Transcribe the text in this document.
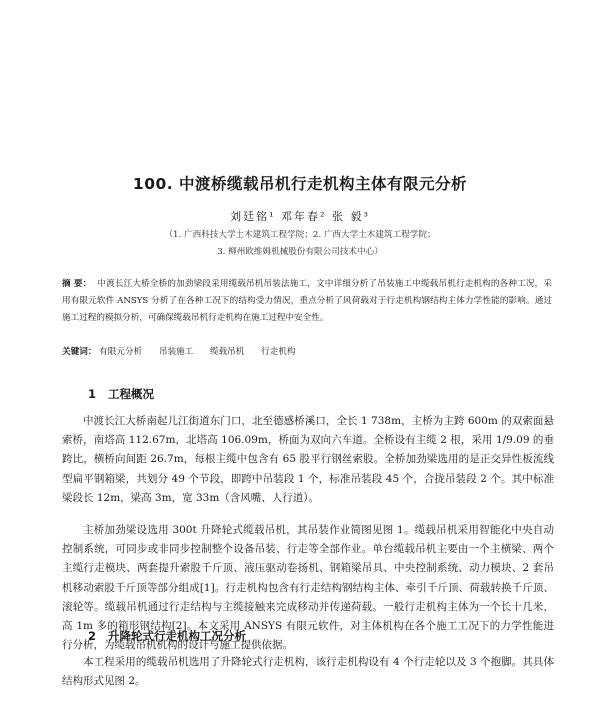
100. 中渡桥缆载吊机行走机构主体有限元分析
刘廷铭¹ 邓年春² 张 毅³
（1. 广西科技大学土木建筑工程学院；2. 广西大学土木建筑工程学院；
3. 柳州欧维姆机械股份有限公司技术中心）
摘 要： 中渡长江大桥全桥的加劲梁段采用缆载吊机吊装法施工，文中详细分析了吊装施工中缆载吊机行走机构的各种工况，采用有限元软件 ANSYS 分析了在各种工况下的结构受力情况，重点分析了风荷载对于行走机构钢结构主体力学性能的影响。通过施工过程的模拟分析，可确保缆载吊机行走机构在施工过程中安全性。
关键词： 有限元分析 吊装施工 缆载吊机 行走机构
1 工程概况
中渡长江大桥南起儿江街道东门口，北至德感桥溪口，全长 1 738m，主桥为主跨 600m 的双索面悬索桥，南塔高 112.67m，北塔高 106.09m，桥面为双向六车道。全桥设有主缆 2 根，采用 1/9.09 的垂跨比，横桥向间距 26.7m，每根主缆中包含有 65 股平行钢丝索股。全桥加劲梁选用的是正交异性板流线型扁平钢箱梁，共划分 49 个节段，即跨中吊装段 1 个，标准吊装段 45 个，合拢吊装段 2 个。其中标准梁段长 12m，梁高 3m，宽 33m（含风嘴、人行道）。
主桥加劲梁设选用 300t 升降轮式缆载吊机，其吊装作业简图见图 1。缆载吊机采用智能化中央自动控制系统，可同步或非同步控制整个设备吊装、行走等全部作业。单台缆载吊机主要由一个主横梁、两个主缆行走模块、两套提升索股千斤顶、液压驱动卷扬机、钢箱梁吊具、中央控制系统、动力模块、2 套吊机移动索股千斤顶等部分组成[1]。行走机构包含有行走结构钢结构主体、牵引千斤顶、荷载转换千斤顶、滚轮等。缆载吊机通过行走结构与主缆接触来完成移动并传递荷载。一般行走机构主体为一个长十几米，高 1m 多的箱形钢结构[2]。本文采用 ANSYS 有限元软件，对主体机构在各个施工工况下的力学性能进行分析，为缆载吊机机构的设计与施工提供依据。
2 升降轮式行走机构工况分析
本工程采用的缆载吊机选用了升降轮式行走机构，该行走机构设有 4 个行走轮以及 3 个抱脚。其具体结构形式见图 2。
